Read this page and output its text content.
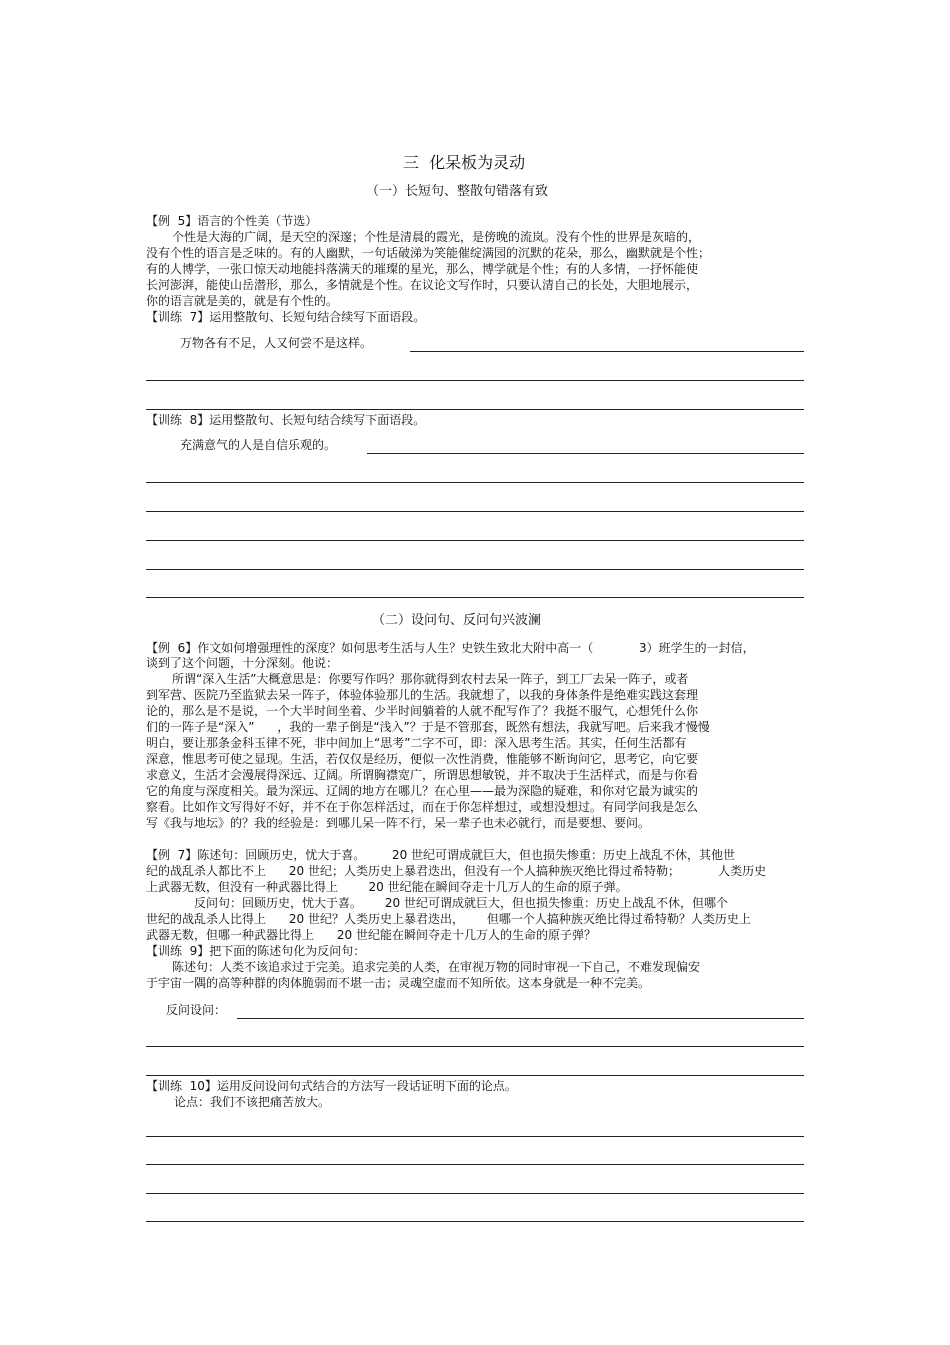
三  化呆板为灵动
（一）长短句、整散句错落有致
【例  5】语言的个性美（节选）
个性是大海的广阔，是天空的深邃；个性是清晨的霞光，是傍晚的流岚。没有个性的世界是灰暗的，
没有个性的语言是乏味的。有的人幽默，一句话破涕为笑能催绽满园的沉默的花朵，那么，幽默就是个性；
有的人博学，一张口惊天动地能抖落满天的璀璨的星光，那么，博学就是个性；有的人多情，一抒怀能使
长河澎湃，能使山岳潜形，那么，多情就是个性。在议论文写作时，只要认清自己的长处，大胆地展示，
你的语言就是美的，就是有个性的。
【训练  7】运用整散句、长短句结合续写下面语段。
万物各有不足，人又何尝不是这样。
【训练  8】运用整散句、长短句结合续写下面语段。
充满意气的人是自信乐观的。
（二）设问句、反问句兴波澜
【例  6】作文如何增强理性的深度？如何思考生活与人生？史铁生致北大附中高一（            3）班学生的一封信，
谈到了这个问题，十分深刻。他说：
所谓“深入生活”大概意思是：你要写作吗？那你就得到农村去呆一阵子，到工厂去呆一阵子，或者
到军营、医院乃至监狱去呆一阵子，体验体验那儿的生活。我就想了，以我的身体条件是绝难实践这套理
论的，那么是不是说，一个大半时间坐着、少半时间躺着的人就不配写作了？我挺不服气，心想凭什么你
们的一阵子是“深入”      ，我的一辈子倒是“浅入”？于是不管那套，既然有想法，我就写吧。后来我才慢慢
明白，要让那条金科玉律不死，非中间加上“思考”二字不可，即：深入思考生活。其实，任何生活都有
深意，惟思考可使之显现。生活，若仅仅是经历，便似一次性消费，惟能够不断询问它，思考它，向它要
求意义，生活才会漫展得深远、辽阔。所谓胸襟宽广，所谓思想敏锐，并不取决于生活样式，而是与你看
它的角度与深度相关。最为深远、辽阔的地方在哪儿？在心里——最为深隐的疑难，和你对它最为诚实的
察看。比如作文写得好不好，并不在于你怎样活过，而在于你怎样想过，或想没想过。有同学问我是怎么
写《我与地坛》的？我的经验是：到哪儿呆一阵不行，呆一辈子也未必就行，而是要想、要问。
【例  7】陈述句：回顾历史，忧大于喜。       20 世纪可谓成就巨大，但也损失惨重：历史上战乱不休，其他世
纪的战乱杀人都比不上      20 世纪；人类历史上暴君迭出，但没有一个人搞种族灭绝比得过希特勒；          人类历史
上武器无数，但没有一种武器比得上        20 世纪能在瞬间夺走十几万人的生命的原子弹。
反问句：回顾历史，忧大于喜。      20 世纪可谓成就巨大，但也损失惨重：历史上战乱不休，但哪个
世纪的战乱杀人比得上      20 世纪？人类历史上暴君迭出，      但哪一个人搞种族灭绝比得过希特勒？人类历史上
武器无数，但哪一种武器比得上      20 世纪能在瞬间夺走十几万人的生命的原子弹？
【训练  9】把下面的陈述句化为反问句：
陈述句：人类不该追求过于完美。追求完美的人类，在审视万物的同时审视一下自己，不难发现偏安
于宇宙一隅的高等种群的肉体脆弱而不堪一击；灵魂空虚而不知所依。这本身就是一种不完美。
反问设问：
【训练  10】运用反问设问句式结合的方法写一段话证明下面的论点。
论点：我们不该把痛苦放大。
